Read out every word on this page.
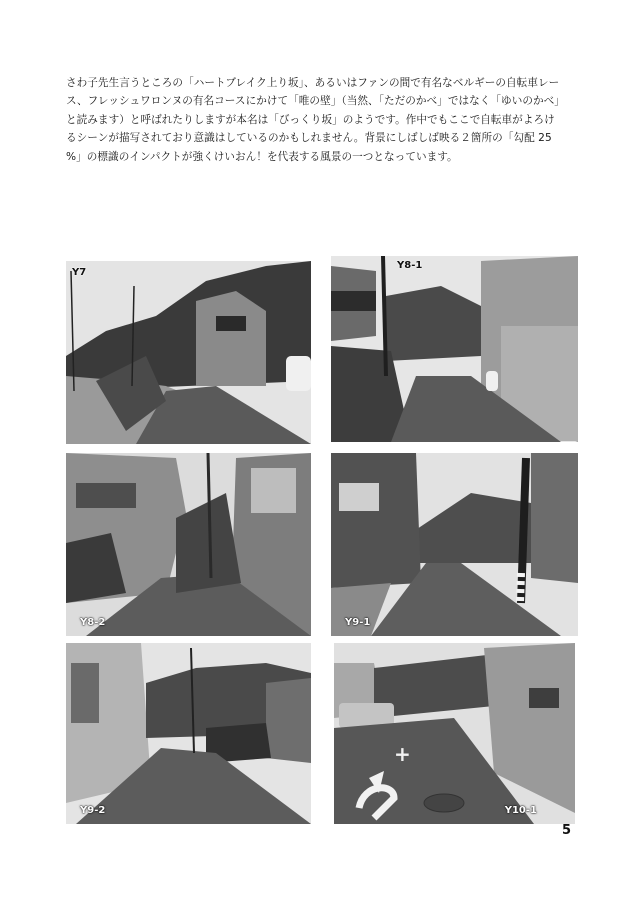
さわ子先生言うところの「ハートブレイク上り坂」、あるいはファンの間で有名なベルギーの自転車レー
ス、フレッシュワロンヌの有名コースにかけて「唯の壁」（当然、「ただのかべ」ではなく「ゆいのかべ」
と読みます）と呼ばれたりしますが本名は「びっくり坂」のようです。作中でもここで自転車がよろけ
るシーンが描写されており意識はしているのかもしれません。背景にしばしば映る２箇所の「勾配 25
%」の標識のインパクトが強くけいおん！を代表する風景の一つとなっています。
Y7
Y8-1
Y8-2	Y9-1
Y9-2
+
Y10-1
5
